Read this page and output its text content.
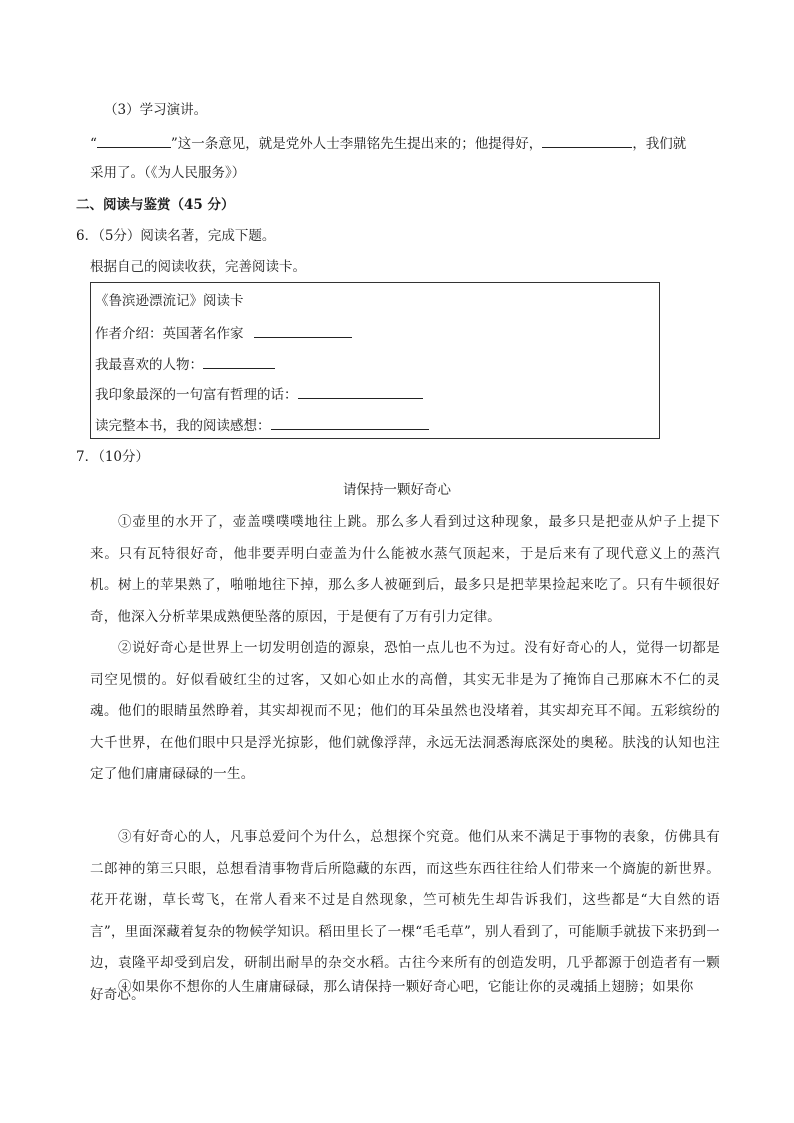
（3）学习演讲。
“	”这一条意见，就是党外人士李鼎铭先生提出来的；他提得好，	，我们就
采用了。（《为人民服务》）
二、阅读与鉴赏（45 分）
6．（5分）阅读名著，完成下题。
根据自己的阅读收获，完善阅读卡。
《鲁滨逊漂流记》阅读卡
作者介绍：英国著名作家
我最喜欢的人物：
我印象最深的一句富有哲理的话：
读完整本书，我的阅读感想：
7．（10分）
请保持一颗好奇心
①壶里的水开了，壶盖噗噗噗地往上跳。那么多人看到过这种现象，最多只是把壶从炉子上提下来。只有瓦特很好奇，他非要弄明白壶盖为什么能被水蒸气顶起来，于是后来有了现代意义上的蒸汽机。树上的苹果熟了，啪啪地往下掉，那么多人被砸到后，最多只是把苹果捡起来吃了。只有牛顿很好奇，他深入分析苹果成熟便坠落的原因，于是便有了万有引力定律。
②说好奇心是世界上一切发明创造的源泉，恐怕一点儿也不为过。没有好奇心的人，觉得一切都是司空见惯的。好似看破红尘的过客，又如心如止水的高僧，其实无非是为了掩饰自己那麻木不仁的灵魂。他们的眼睛虽然睁着，其实却视而不见；他们的耳朵虽然也没堵着，其实却充耳不闻。五彩缤纷的大千世界，在他们眼中只是浮光掠影，他们就像浮萍，永远无法洞悉海底深处的奥秘。肤浅的认知也注定了他们庸庸碌碌的一生。
③有好奇心的人，凡事总爱问个为什么，总想探个究竟。他们从来不满足于事物的表象，仿佛具有二郎神的第三只眼，总想看清事物背后所隐藏的东西，而这些东西往往给人们带来一个旖旎的新世界。花开花谢，草长莺飞，在常人看来不过是自然现象，竺可桢先生却告诉我们，这些都是“大自然的语言”，里面深藏着复杂的物候学知识。稻田里长了一棵“毛毛草”，别人看到了，可能顺手就拔下来扔到一边，袁隆平却受到启发，研制出耐旱的杂交水稻。古往今来所有的创造发明，几乎都源于创造者有一颗好奇心。
④如果你不想你的人生庸庸碌碌，那么请保持一颗好奇心吧，它能让你的灵魂插上翅膀；如果你
